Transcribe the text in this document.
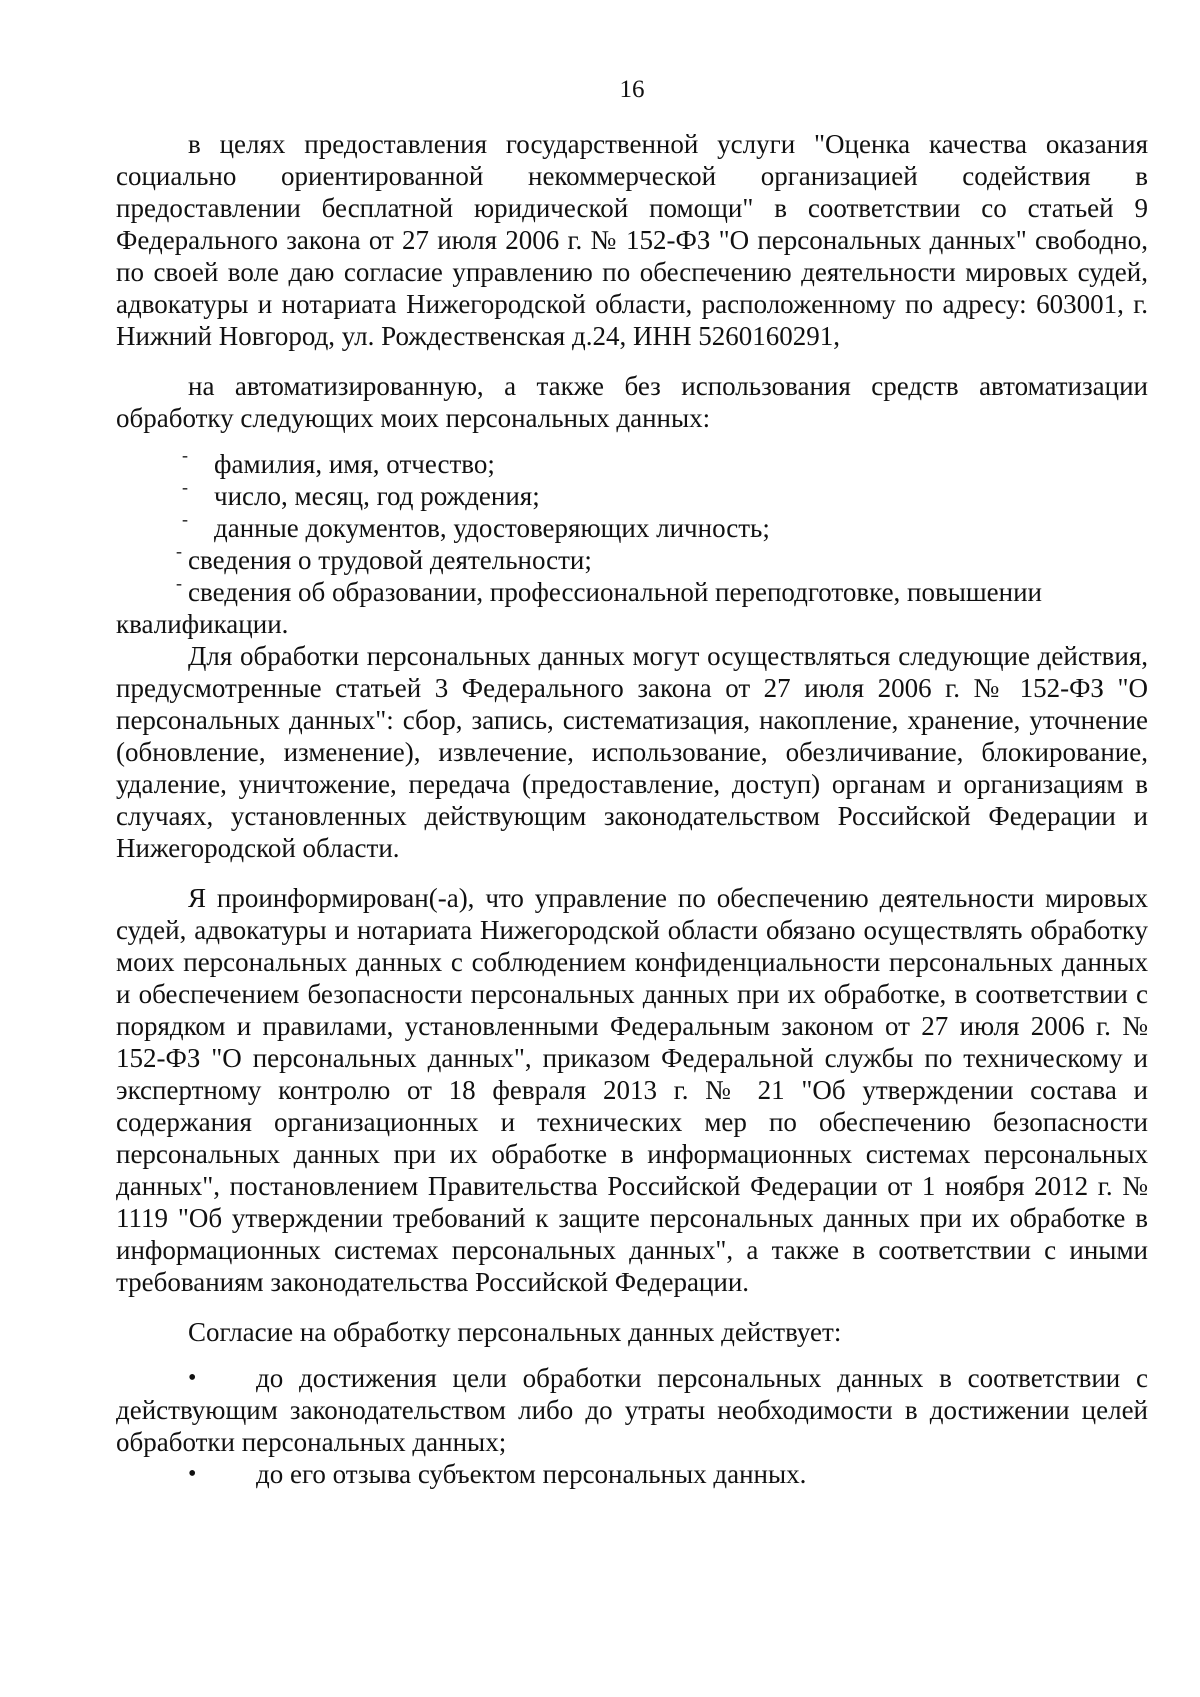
16

в целях предоставления государственной услуги "Оценка качества оказания социально ориентированной некоммерческой организацией содействия в предоставлении бесплатной юридической помощи" в соответствии со статьей 9 Федерального закона от 27 июля 2006 г. № 152-ФЗ "О персональных данных" свободно, по своей воле даю согласие управлению по обеспечению деятельности мировых судей, адвокатуры и нотариата Нижегородской области, расположенному по адресу: 603001, г. Нижний Новгород, ул. Рождественская д.24, ИНН 5260160291,

на автоматизированную, а также без использования средств автоматизации обработку следующих моих персональных данных:

- фамилия, имя, отчество;
- число, месяц, год рождения;
- данные документов, удостоверяющих личность;
- сведения о трудовой деятельности;
- сведения об образовании, профессиональной переподготовке, повышении
квалификации.

Для обработки персональных данных могут осуществляться следующие действия, предусмотренные статьей 3 Федерального закона от 27 июля 2006 г. № 152-ФЗ "О персональных данных": сбор, запись, систематизация, накопление, хранение, уточнение (обновление, изменение), извлечение, использование, обезличивание, блокирование, удаление, уничтожение, передача (предоставление, доступ) органам и организациям в случаях, установленных действующим законодательством Российской Федерации и Нижегородской области.

Я проинформирован(-а), что управление по обеспечению деятельности мировых судей, адвокатуры и нотариата Нижегородской области обязано осуществлять обработку моих персональных данных с соблюдением конфиденциальности персональных данных и обеспечением безопасности персональных данных при их обработке, в соответствии с порядком и правилами, установленными Федеральным законом от 27 июля 2006 г. № 152-ФЗ "О персональных данных", приказом Федеральной службы по техническому и экспертному контролю от 18 февраля 2013 г. № 21 "Об утверждении состава и содержания организационных и технических мер по обеспечению безопасности персональных данных при их обработке в информационных системах персональных данных", постановлением Правительства Российской Федерации от 1 ноября 2012 г. № 1119 "Об утверждении требований к защите персональных данных при их обработке в информационных системах персональных данных", а также в соответствии с иными требованиям законодательства Российской Федерации.

Согласие на обработку персональных данных действует:

• до достижения цели обработки персональных данных в соответствии с действующим законодательством либо до утраты необходимости в достижении целей обработки персональных данных;
• до его отзыва субъектом персональных данных.
